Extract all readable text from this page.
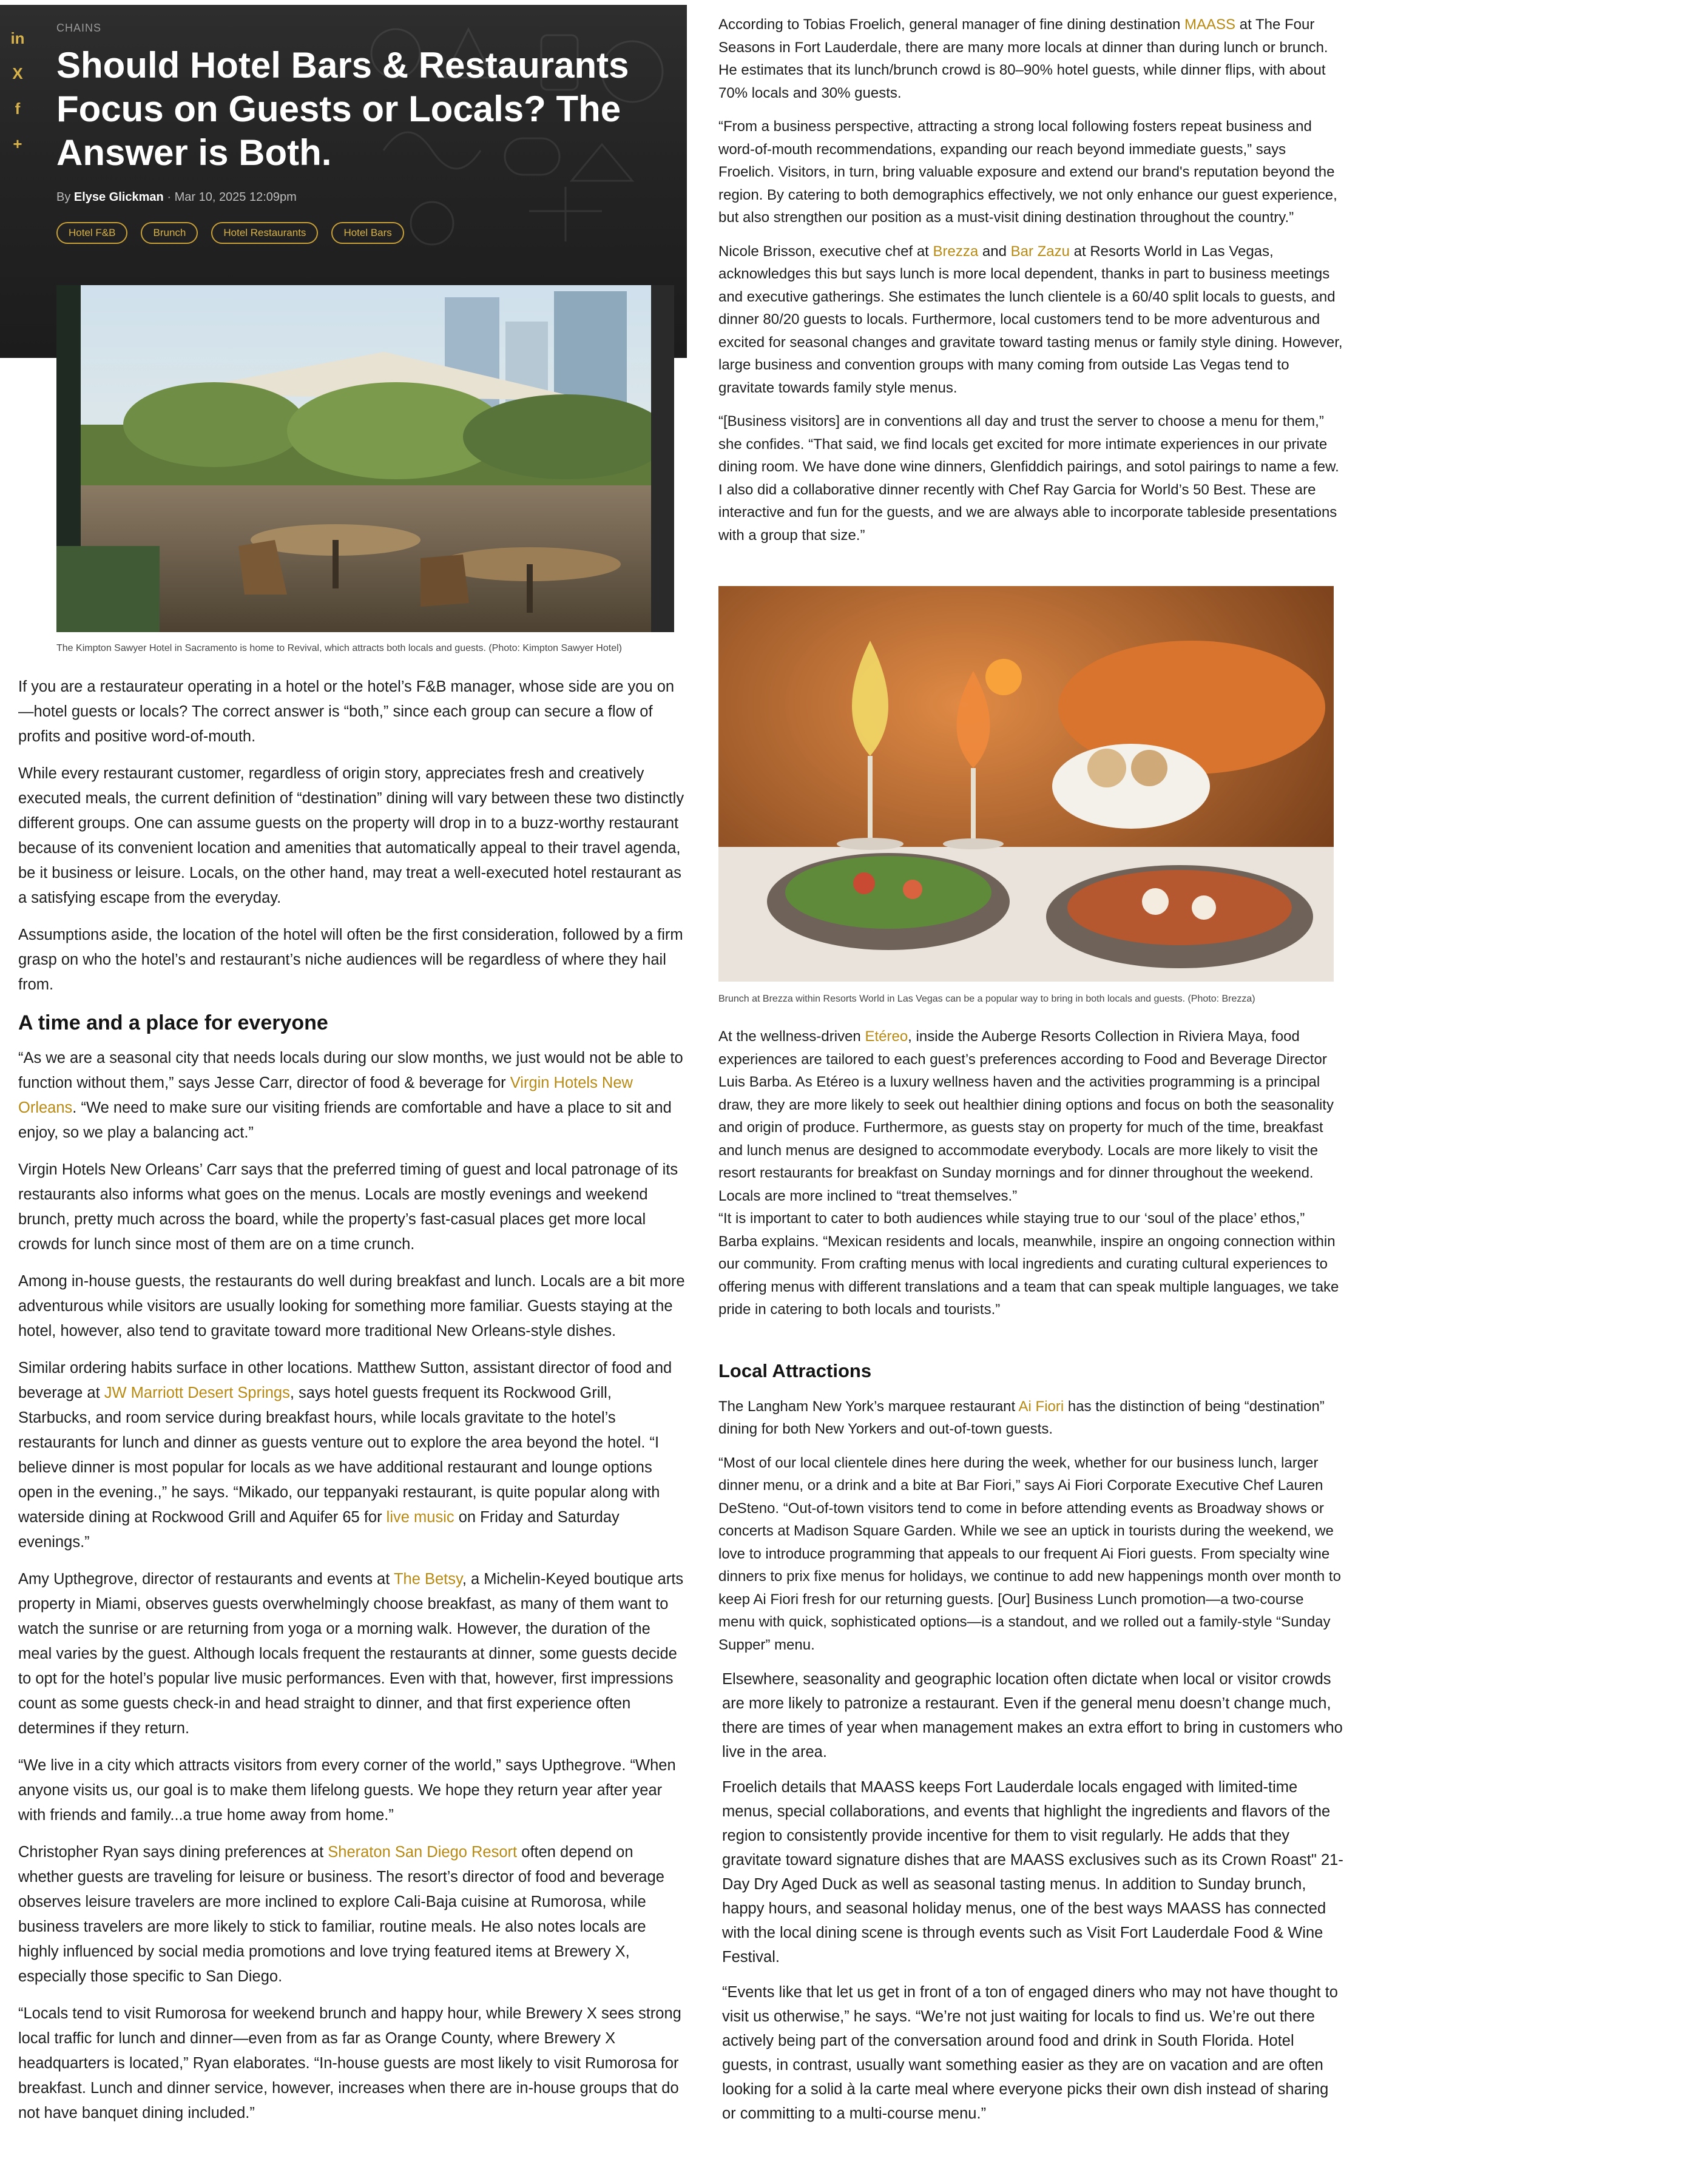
in
X
f
+
CHAINS
Should Hotel Bars & Restaurants Focus on Guests or Locals? The Answer is Both.
By Elyse Glickman · Mar 10, 2025 12:09pm
Hotel F&B	Brunch	Hotel Restaurants	Hotel Bars
The Kimpton Sawyer Hotel in Sacramento is home to Revival, which attracts both locals and guests. (Photo: Kimpton Sawyer Hotel)

If you are a restaurateur operating in a hotel or the hotel’s F&B manager, whose side are you on—hotel guests or locals? The correct answer is “both,” since each group can secure a flow of profits and positive word-of-mouth.

While every restaurant customer, regardless of origin story, appreciates fresh and creatively executed meals, the current definition of “destination” dining will vary between these two distinctly different groups. One can assume guests on the property will drop in to a buzz-worthy restaurant because of its convenient location and amenities that automatically appeal to their travel agenda, be it business or leisure. Locals, on the other hand, may treat a well-executed hotel restaurant as a satisfying escape from the everyday.

Assumptions aside, the location of the hotel will often be the first consideration, followed by a firm grasp on who the hotel’s and restaurant’s niche audiences will be regardless of where they hail from.

A time and a place for everyone

“As we are a seasonal city that needs locals during our slow months, we just would not be able to function without them,” says Jesse Carr, director of food & beverage for Virgin Hotels New Orleans. “We need to make sure our visiting friends are comfortable and have a place to sit and enjoy, so we play a balancing act.”

Virgin Hotels New Orleans’ Carr says that the preferred timing of guest and local patronage of its restaurants also informs what goes on the menus. Locals are mostly evenings and weekend brunch, pretty much across the board, while the property’s fast-casual places get more local crowds for lunch since most of them are on a time crunch.

Among in-house guests, the restaurants do well during breakfast and lunch. Locals are a bit more adventurous while visitors are usually looking for something more familiar. Guests staying at the hotel, however, also tend to gravitate toward more traditional New Orleans-style dishes.

Similar ordering habits surface in other locations. Matthew Sutton, assistant director of food and beverage at JW Marriott Desert Springs, says hotel guests frequent its Rockwood Grill, Starbucks, and room service during breakfast hours, while locals gravitate to the hotel’s restaurants for lunch and dinner as guests venture out to explore the area beyond the hotel. “I believe dinner is most popular for locals as we have additional restaurant and lounge options open in the evening.,” he says. “Mikado, our teppanyaki restaurant, is quite popular along with waterside dining at Rockwood Grill and Aquifer 65 for live music on Friday and Saturday evenings.”

Amy Upthegrove, director of restaurants and events at The Betsy, a Michelin-Keyed boutique arts property in Miami, observes guests overwhelmingly choose breakfast, as many of them want to watch the sunrise or are returning from yoga or a morning walk. However, the duration of the meal varies by the guest. Although locals frequent the restaurants at dinner, some guests decide to opt for the hotel’s popular live music performances. Even with that, however, first impressions count as some guests check-in and head straight to dinner, and that first experience often determines if they return.

“We live in a city which attracts visitors from every corner of the world,” says Upthegrove. “When anyone visits us, our goal is to make them lifelong guests. We hope they return year after year with friends and family...a true home away from home.”

Christopher Ryan says dining preferences at Sheraton San Diego Resort often depend on whether guests are traveling for leisure or business. The resort’s director of food and beverage observes leisure travelers are more inclined to explore Cali-Baja cuisine at Rumorosa, while business travelers are more likely to stick to familiar, routine meals. He also notes locals are highly influenced by social media promotions and love trying featured items at Brewery X, especially those specific to San Diego.

“Locals tend to visit Rumorosa for weekend brunch and happy hour, while Brewery X sees strong local traffic for lunch and dinner—even from as far as Orange County, where Brewery X headquarters is located,” Ryan elaborates. “In-house guests are most likely to visit Rumorosa for breakfast. Lunch and dinner service, however, increases when there are in-house groups that do not have banquet dining included.”

According to Tobias Froelich, general manager of fine dining destination MAASS at The Four Seasons in Fort Lauderdale, there are many more locals at dinner than during lunch or brunch. He estimates that its lunch/brunch crowd is 80–90% hotel guests, while dinner flips, with about 70% locals and 30% guests.

“From a business perspective, attracting a strong local following fosters repeat business and word-of-mouth recommendations, expanding our reach beyond immediate guests,” says Froelich. Visitors, in turn, bring valuable exposure and extend our brand's reputation beyond the region. By catering to both demographics effectively, we not only enhance our guest experience, but also strengthen our position as a must-visit dining destination throughout the country.”

Nicole Brisson, executive chef at Brezza and Bar Zazu at Resorts World in Las Vegas, acknowledges this but says lunch is more local dependent, thanks in part to business meetings and executive gatherings. She estimates the lunch clientele is a 60/40 split locals to guests, and dinner 80/20 guests to locals. Furthermore, local customers tend to be more adventurous and excited for seasonal changes and gravitate toward tasting menus or family style dining. However, large business and convention groups with many coming from outside Las Vegas tend to gravitate towards family style menus.

“[Business visitors] are in conventions all day and trust the server to choose a menu for them,” she confides. “That said, we find locals get excited for more intimate experiences in our private dining room. We have done wine dinners, Glenfiddich pairings, and sotol pairings to name a few. I also did a collaborative dinner recently with Chef Ray Garcia for World’s 50 Best. These are interactive and fun for the guests, and we are always able to incorporate tableside presentations with a group that size.”

Brunch at Brezza within Resorts World in Las Vegas can be a popular way to bring in both locals and guests. (Photo: Brezza)

At the wellness-driven Etéreo, inside the Auberge Resorts Collection in Riviera Maya, food experiences are tailored to each guest’s preferences according to Food and Beverage Director Luis Barba. As Etéreo is a luxury wellness haven and the activities programming is a principal draw, they are more likely to seek out healthier dining options and focus on both the seasonality and origin of produce. Furthermore, as guests stay on property for much of the time, breakfast and lunch menus are designed to accommodate everybody. Locals are more likely to visit the resort restaurants for breakfast on Sunday mornings and for dinner throughout the weekend. Locals are more inclined to “treat themselves.”

“It is important to cater to both audiences while staying true to our ‘soul of the place’ ethos,” Barba explains. “Mexican residents and locals, meanwhile, inspire an ongoing connection within our community. From crafting menus with local ingredients and curating cultural experiences to offering menus with different translations and a team that can speak multiple languages, we take pride in catering to both locals and tourists.”

Local Attractions

The Langham New York’s marquee restaurant Ai Fiori has the distinction of being “destination” dining for both New Yorkers and out-of-town guests.

“Most of our local clientele dines here during the week, whether for our business lunch, larger dinner menu, or a drink and a bite at Bar Fiori,” says Ai Fiori Corporate Executive Chef Lauren DeSteno. “Out-of-town visitors tend to come in before attending events as Broadway shows or concerts at Madison Square Garden. While we see an uptick in tourists during the weekend, we love to introduce programming that appeals to our frequent Ai Fiori guests. From specialty wine dinners to prix fixe menus for holidays, we continue to add new happenings month over month to keep Ai Fiori fresh for our returning guests. [Our] Business Lunch promotion—a two-course menu with quick, sophisticated options—is a standout, and we rolled out a family-style “Sunday Supper” menu.

Elsewhere, seasonality and geographic location often dictate when local or visitor crowds are more likely to patronize a restaurant. Even if the general menu doesn’t change much, there are times of year when management makes an extra effort to bring in customers who live in the area.

Froelich details that MAASS keeps Fort Lauderdale locals engaged with limited-time menus, special collaborations, and events that highlight the ingredients and flavors of the region to consistently provide incentive for them to visit regularly. He adds that they gravitate toward signature dishes that are MAASS exclusives such as its Crown Roast" 21-Day Dry Aged Duck as well as seasonal tasting menus. In addition to Sunday brunch, happy hours, and seasonal holiday menus, one of the best ways MAASS has connected with the local dining scene is through events such as Visit Fort Lauderdale Food & Wine Festival.

“Events like that let us get in front of a ton of engaged diners who may not have thought to visit us otherwise,” he says. “We’re not just waiting for locals to find us. We’re out there actively being part of the conversation around food and drink in South Florida. Hotel guests, in contrast, usually want something easier as they are on vacation and are often looking for a solid à la carte meal where everyone picks their own dish instead of sharing or committing to a multi-course menu.”
